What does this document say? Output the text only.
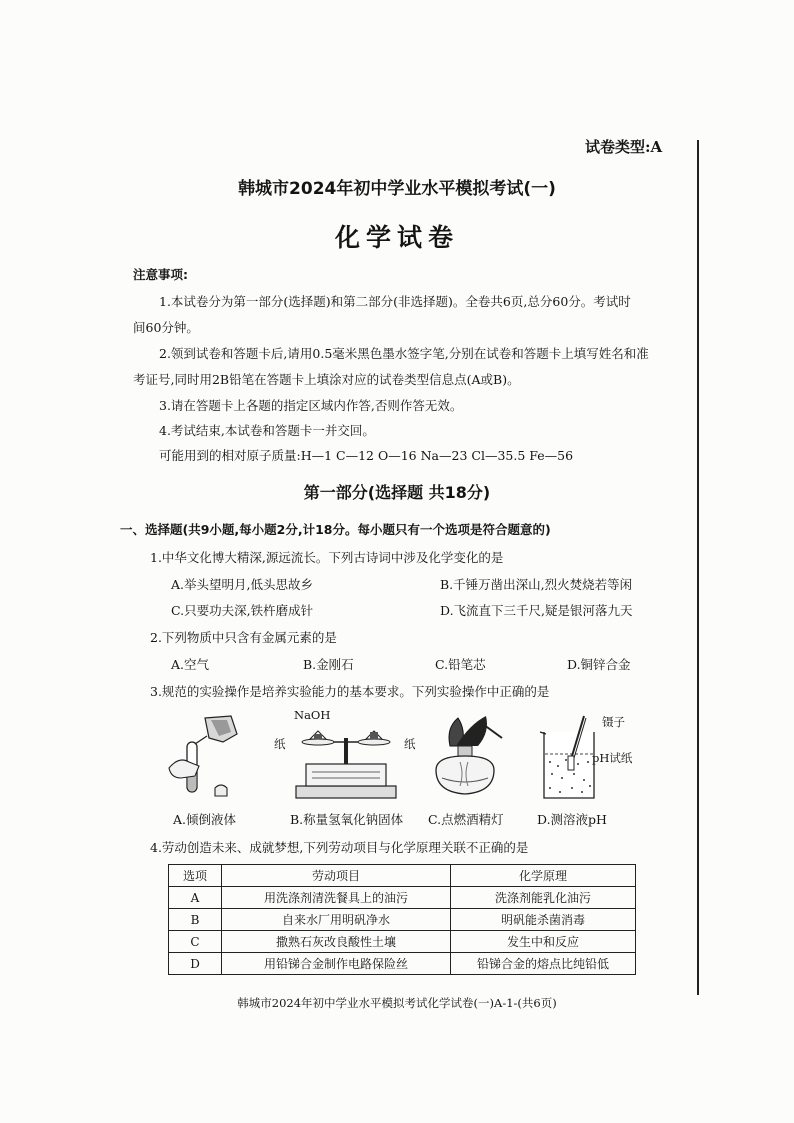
试卷类型:A
韩城市2024年初中学业水平模拟考试(一)
化学试卷
注意事项:
1.本试卷分为第一部分(选择题)和第二部分(非选择题)。全卷共6页,总分60分。考试时
间60分钟。
2.领到试卷和答题卡后,请用0.5毫米黑色墨水签字笔,分别在试卷和答题卡上填写姓名和准
考证号,同时用2B铅笔在答题卡上填涂对应的试卷类型信息点(A或B)。
3.请在答题卡上各题的指定区域内作答,否则作答无效。
4.考试结束,本试卷和答题卡一并交回。
可能用到的相对原子质量:H—1 C—12 O—16 Na—23 Cl—35.5 Fe—56
第一部分(选择题 共18分)
一、选择题(共9小题,每小题2分,计18分。每小题只有一个选项是符合题意的)
1.中华文化博大精深,源远流长。下列古诗词中涉及化学变化的是
A.举头望明月,低头思故乡	B.千锤万凿出深山,烈火焚烧若等闲
C.只要功夫深,铁杵磨成针	D.飞流直下三千尺,疑是银河落九天
2.下列物质中只含有金属元素的是
A.空气	B.金刚石	C.铅笔芯	D.铜锌合金
3.规范的实验操作是培养实验能力的基本要求。下列实验操作中正确的是
NaOH
纸	纸
镊子
pH试纸
A.倾倒液体	B.称量氢氧化钠固体 C.点燃酒精灯	D.测溶液pH
4.劳动创造未来、成就梦想,下列劳动项目与化学原理关联不正确的是
选项	劳动项目	化学原理
A	用洗涤剂清洗餐具上的油污	洗涤剂能乳化油污
B	自来水厂用明矾净水	明矾能杀菌消毒
C	撒熟石灰改良酸性土壤	发生中和反应
D	用铅锑合金制作电路保险丝	铅锑合金的熔点比纯铅低
韩城市2024年初中学业水平模拟考试化学试卷(一)A-1-(共6页)
